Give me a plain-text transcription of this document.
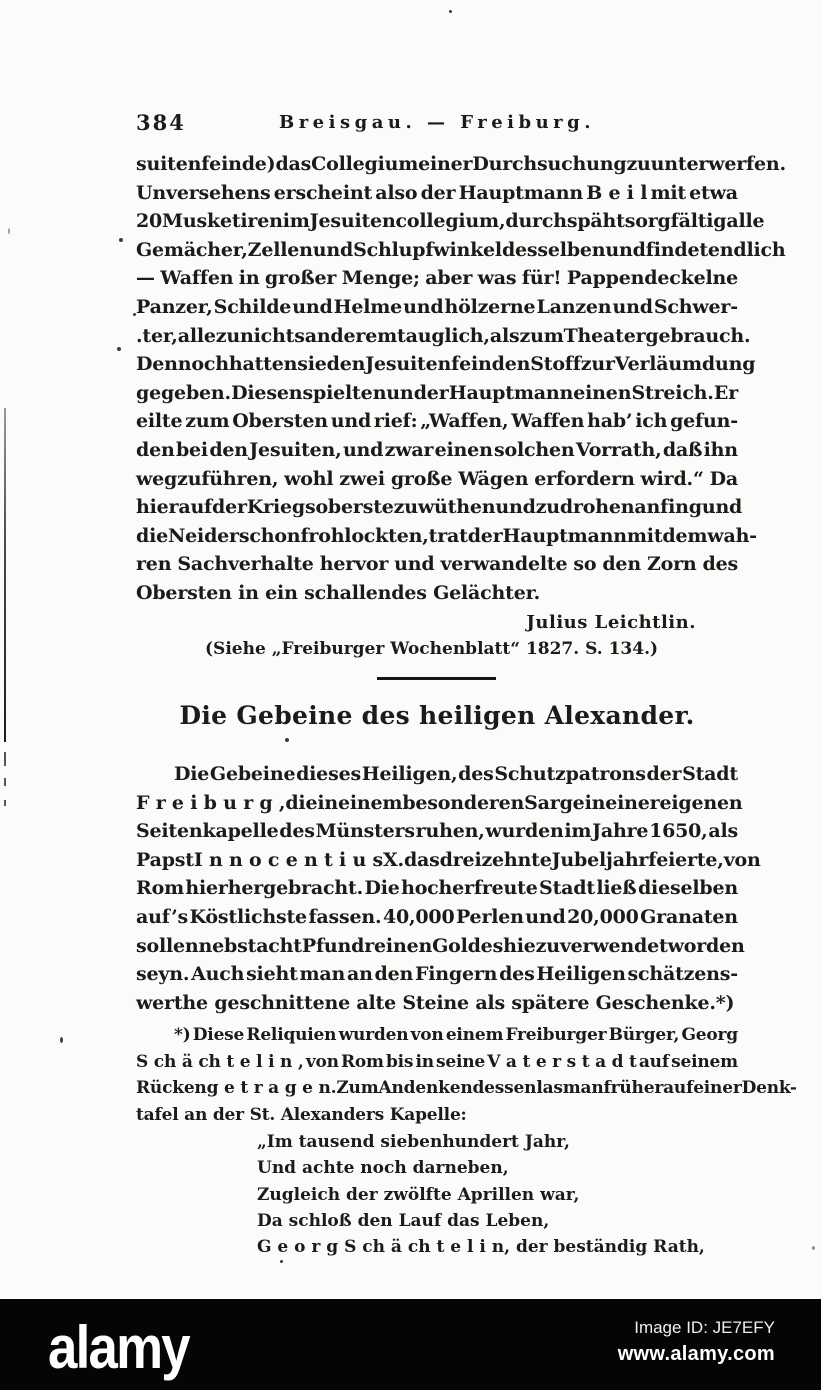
384	Breisgau. — Freiburg.
suitenfeinde) das Collegium einer Durchsuchung zu unterwerfen.
Unversehens erscheint also der Hauptmann B e i l mit etwa
20 Musketiren im Jesuitencollegium, durchspäht sorgfältig alle
Gemächer, Zellen und Schlupfwinkel desselben und findet endlich
— Waffen in großer Menge; aber was für! Pappendeckelne
Panzer, Schilde und Helme und hölzerne Lanzen und Schwer-
.ter, alle zu nichts anderem tauglich, als zum Theatergebrauch.
Dennoch hatten sie den Jesuitenfeinden Stoff zur Verläumdung
gegeben. Diesen spielte nun der Hauptmann einen Streich. Er
eilte zum Obersten und rief: „Waffen, Waffen hab’ ich gefun-
den bei den Jesuiten, und zwar einen solchen Vorrath, daß ihn
wegzuführen, wohl zwei große Wägen erfordern wird.“ Da
hierauf der Kriegsoberste zu wüthen und zu drohen anfing und
die Neider schon frohlockten, trat der Hauptmann mit dem wah-
ren Sachverhalte hervor und verwandelte so den Zorn des
Obersten in ein schallendes Gelächter.
Julius Leichtlin.
(Siehe „Freiburger Wochenblatt“ 1827. S. 134.)
Die Gebeine des heiligen Alexander.
Die Gebeine dieses Heiligen, des Schutzpatrons der Stadt
F r e i b u r g , die in einem besonderen Sarge in einer eigenen
Seitenkapelle des Münsters ruhen, wurden im Jahre 1650, als
Papst I n n o c e n t i u s X. das dreizehnte Jubeljahr feierte, von
Rom hierhergebracht. Die hocherfreute Stadt ließ dieselben
auf’s Köstlichste fassen. 40,000 Perlen und 20,000 Granaten
sollen nebst acht Pfund reinen Goldes hiezu verwendet worden
seyn. Auch sieht man an den Fingern des Heiligen schätzens-
werthe geschnittene alte Steine als spätere Geschenke.*)
*) Diese Reliquien wurden von einem Freiburger Bürger, Georg
S ch ä ch t e l i n , von Rom bis in seine V a t e r s t a d t auf seinem
Rücken g e t r a g e n. Zum Andenken dessen las man früher auf einer Denk-
tafel an der St. Alexanders Kapelle:
„Im tausend siebenhundert Jahr,
Und achte noch darneben,
Zugleich der zwölfte Aprillen war,
Da schloß den Lauf das Leben,
G e o r g S ch ä ch t e l i n, der beständig Rath,
alamy	Image ID: JE7EFY
www.alamy.com
